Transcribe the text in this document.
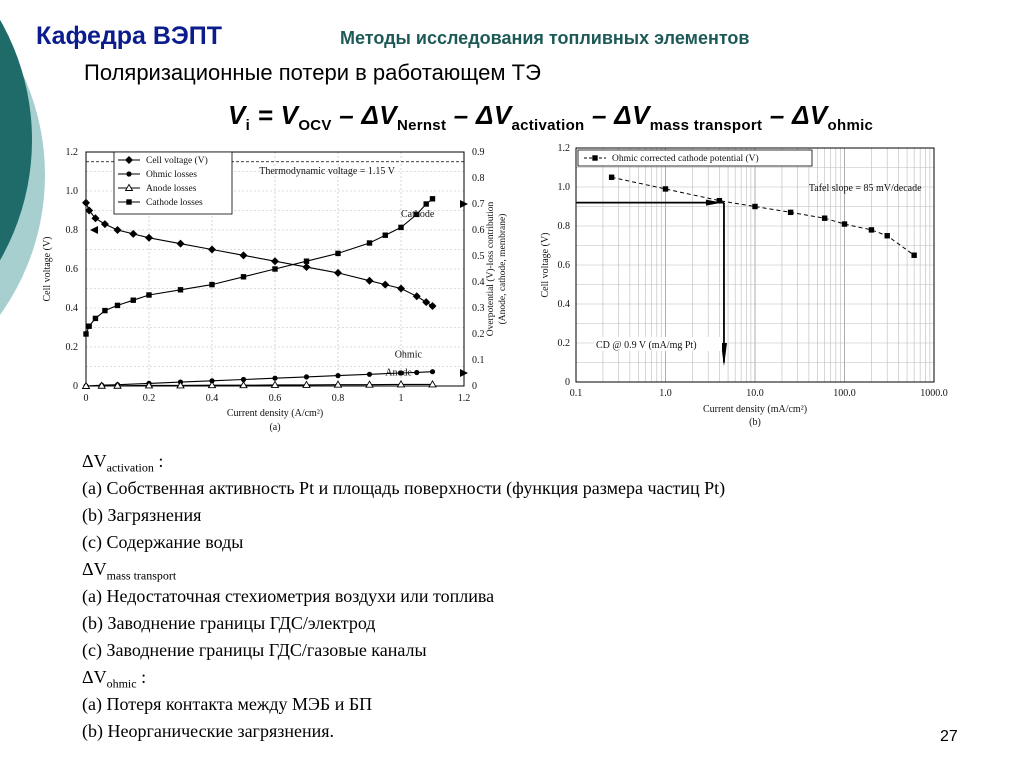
Кафедра ВЭПТ	Методы исследования топливных элементов
Поляризационные потери в работающем ТЭ
$V_i = V_{OCV} - \Delta V_{Nernst} - \Delta V_{activation} - \Delta V_{mass transport} - \Delta V_{ohmic}$
0	0.2	0.4	0.6	0.8	1	1.2
0
0.2
0.4
0.6
0.8
1.0
1.2
0
0.1
0.2
0.3
0.4
0.5
0.6
0.7
0.8
0.9
Current density (A/cm²)
(a)
Cell voltage (V)	Overpotential (V)-loss contribution (Anode, cathode, membrane)
Thermodynamic voltage = 1.15 V
Cathode
Ohmic
Anode
Cell voltage (V)
Ohmic losses
Anode losses
Cathode losses
0.1	1.0	10.0	100.0	1000.0
0
0.2
0.4
0.6
0.8
1.0
1.2
Current density (mA/cm²)
(b)
Cell voltage (V)
Tafel slope = 85 mV/decade
CD @ 0.9 V (mA/mg Pt)
Ohmic corrected cathode potential (V)
$\Delta V_{activation}$ :
(a) Собственная активность Pt и площадь поверхности (функция размера частиц Pt)
(b) Загрязнения
(c) Содержание воды
$\Delta V_{mass transport}$
(a) Недостаточная стехиометрия воздухи или топлива
(b) Заводнение границы ГДС/электрод
(c) Заводнение границы ГДС/газовые каналы
$\Delta V_{ohmic}$ :
(a) Потеря контакта между МЭБ и БП
(b) Неорганические загрязнения.	27
